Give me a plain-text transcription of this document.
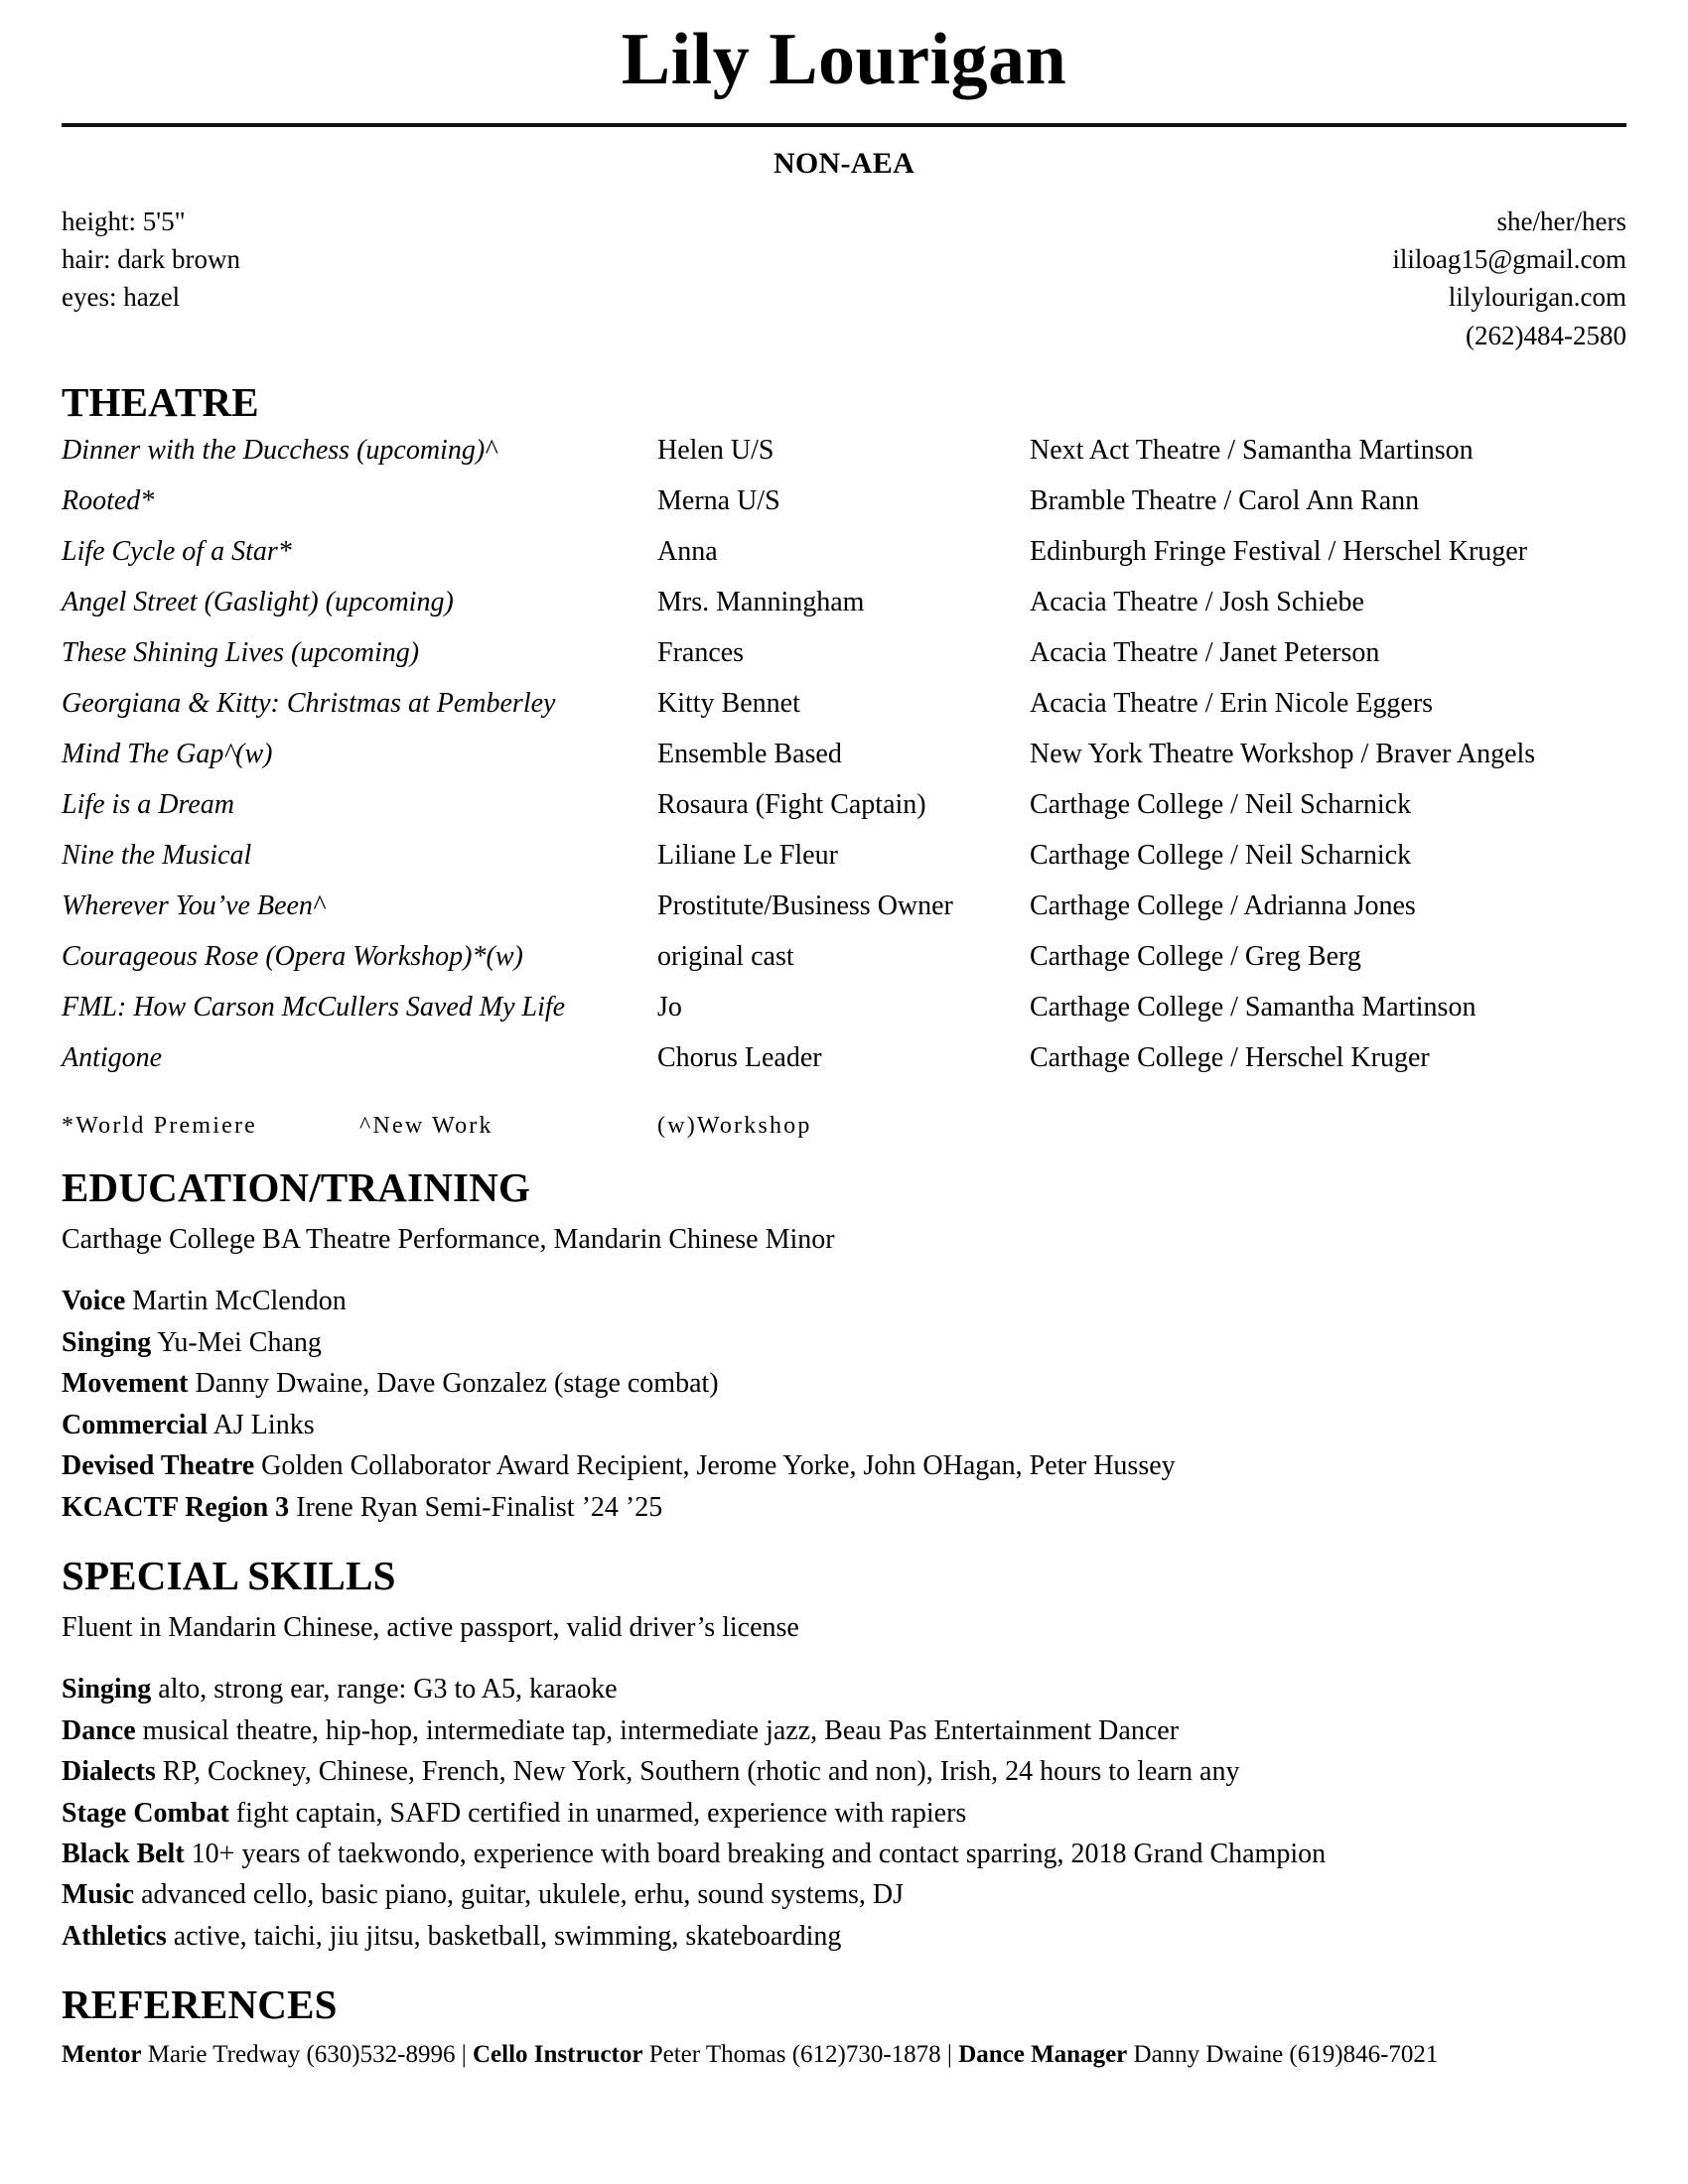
Lily Lourigan
NON-AEA
height: 5'5"
hair: dark brown
eyes: hazel
she/her/hers
ililoag15@gmail.com
lilylourigan.com
(262)484-2580
THEATRE
Dinner with the Ducchess (upcoming)^	Helen U/S	Next Act Theatre / Samantha Martinson
Rooted*	Merna U/S	Bramble Theatre / Carol Ann Rann
Life Cycle of a Star*	Anna	Edinburgh Fringe Festival / Herschel Kruger
Angel Street (Gaslight) (upcoming)	Mrs. Manningham	Acacia Theatre / Josh Schiebe
These Shining Lives (upcoming)	Frances	Acacia Theatre / Janet Peterson
Georgiana & Kitty: Christmas at Pemberley	Kitty Bennet	Acacia Theatre / Erin Nicole Eggers
Mind The Gap^(w)	Ensemble Based	New York Theatre Workshop / Braver Angels
Life is a Dream	Rosaura (Fight Captain)	Carthage College / Neil Scharnick
Nine the Musical	Liliane Le Fleur	Carthage College / Neil Scharnick
Wherever You’ve Been^	Prostitute/Business Owner	Carthage College / Adrianna Jones
Courageous Rose (Opera Workshop)*(w)	original cast	Carthage College / Greg Berg
FML: How Carson McCullers Saved My Life	Jo	Carthage College / Samantha Martinson
Antigone	Chorus Leader	Carthage College / Herschel Kruger
*World Premiere	^New Work	(w)Workshop
EDUCATION/TRAINING
Carthage College BA Theatre Performance, Mandarin Chinese Minor
Voice Martin McClendon
Singing Yu-Mei Chang
Movement Danny Dwaine, Dave Gonzalez (stage combat)
Commercial AJ Links
Devised Theatre Golden Collaborator Award Recipient, Jerome Yorke, John OHagan, Peter Hussey
KCACTF Region 3 Irene Ryan Semi-Finalist ’24 ’25
SPECIAL SKILLS
Fluent in Mandarin Chinese, active passport, valid driver’s license
Singing alto, strong ear, range: G3 to A5, karaoke
Dance musical theatre, hip-hop, intermediate tap, intermediate jazz, Beau Pas Entertainment Dancer
Dialects RP, Cockney, Chinese, French, New York, Southern (rhotic and non), Irish, 24 hours to learn any
Stage Combat fight captain, SAFD certified in unarmed, experience with rapiers
Black Belt 10+ years of taekwondo, experience with board breaking and contact sparring, 2018 Grand Champion
Music advanced cello, basic piano, guitar, ukulele, erhu, sound systems, DJ
Athletics active, taichi, jiu jitsu, basketball, swimming, skateboarding
REFERENCES
Mentor Marie Tredway (630)532-8996 | Cello Instructor Peter Thomas (612)730-1878 | Dance Manager Danny Dwaine (619)846-7021
